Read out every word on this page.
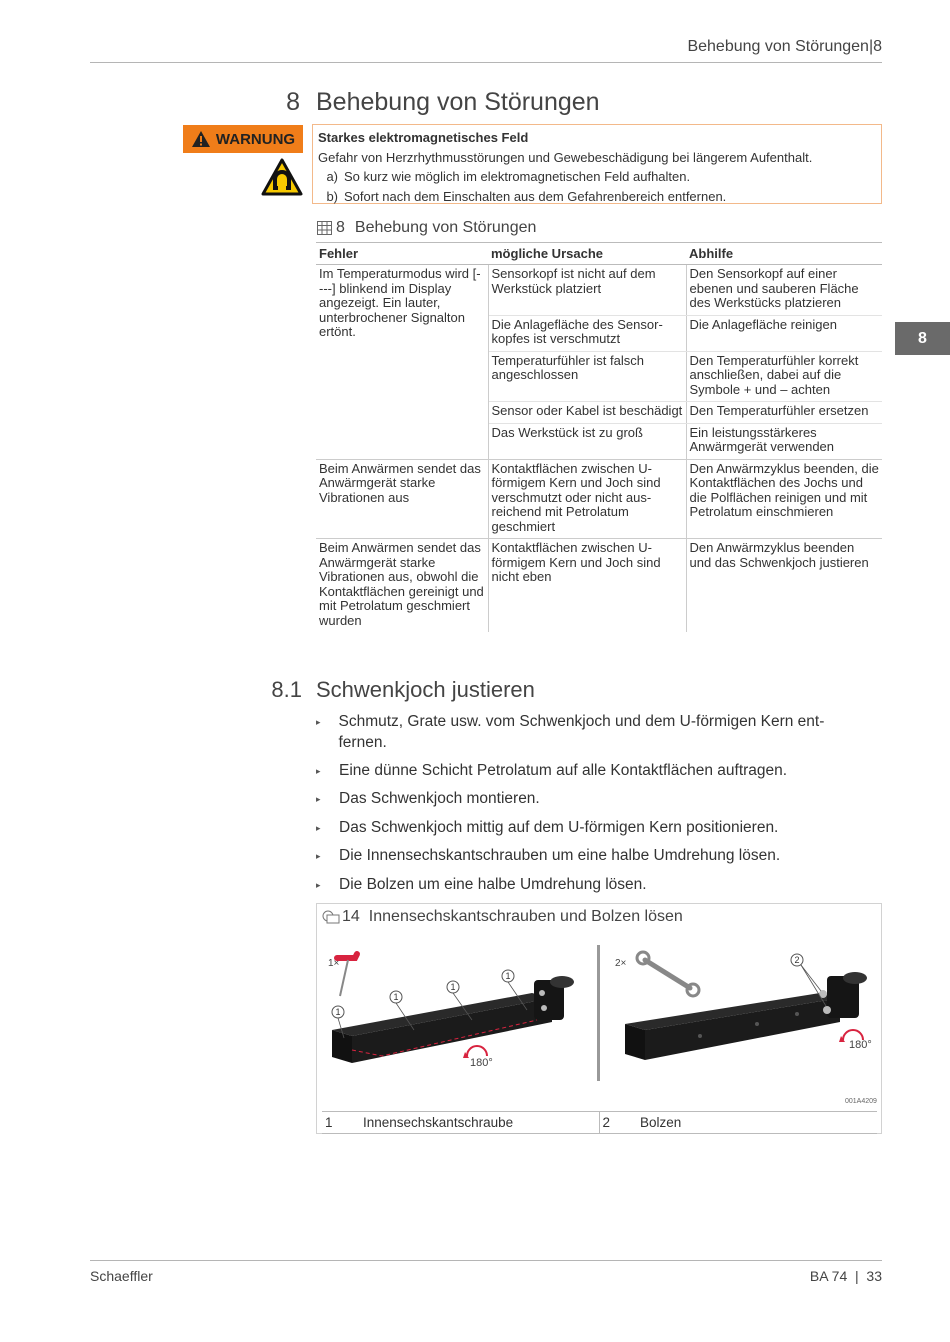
Behebung von Störungen|8
8 Behebung von Störungen
WARNUNG Starkes elektromagnetisches Feld
Gefahr von Herzrhythmusstörungen und Gewebeschädigung bei längerem Aufenthalt.
a) So kurz wie möglich im elektromagnetischen Feld aufhalten.
b) Sofort nach dem Einschalten aus dem Gefahrenbereich entfernen.
8 Behebung von Störungen
Fehler	mögliche Ursache	Abhilfe
Im Temperaturmodus wird [----] blinkend im Display angezeigt. Ein lauter, unterbrochener Signalton ertönt.	Sensorkopf ist nicht auf dem Werkstück platziert	Den Sensorkopf auf einer ebenen und sauberen Fläche des Werkstücks platzieren
	Die Anlagefläche des Sensorkopfes ist verschmutzt	Die Anlagefläche reinigen
	Temperaturfühler ist falsch angeschlossen	Den Temperaturfühler korrekt anschließen, dabei auf die Symbole + und – achten
	Sensor oder Kabel ist beschädigt	Den Temperaturfühler ersetzen
	Das Werkstück ist zu groß	Ein leistungsstärkeres Anwärmgerät verwenden
Beim Anwärmen sendet das Anwärmgerät starke Vibrationen aus	Kontaktflächen zwischen U-förmigem Kern und Joch sind verschmutzt oder nicht ausreichend mit Petrolatum geschmiert	Den Anwärmzyklus beenden, die Kontaktflächen des Jochs und die Polflächen reinigen und mit Petrolatum einschmieren
Beim Anwärmen sendet das Anwärmgerät starke Vibrationen aus, obwohl die Kontaktflächen gereinigt und mit Petrolatum geschmiert wurden	Kontaktflächen zwischen U-förmigem Kern und Joch sind nicht eben	Den Anwärmzyklus beenden und das Schwenkjoch justieren
8
8.1 Schwenkjoch justieren
▸	Schmutz, Grate usw. vom Schwenkjoch und dem U-förmigen Kern entfernen.
▸	Eine dünne Schicht Petrolatum auf alle Kontaktflächen auftragen.
▸	Das Schwenkjoch montieren.
▸	Das Schwenkjoch mittig auf dem U-förmigen Kern positionieren.
▸	Die Innensechskantschrauben um eine halbe Umdrehung lösen.
▸	Die Bolzen um eine halbe Umdrehung lösen.
14 Innensechskantschrauben und Bolzen lösen
1×
1
1
1
1
180°
2×	2
180°
001A4209
1	Innensechskantschraube	2	Bolzen
Schaeffler	BA 74  |  33
